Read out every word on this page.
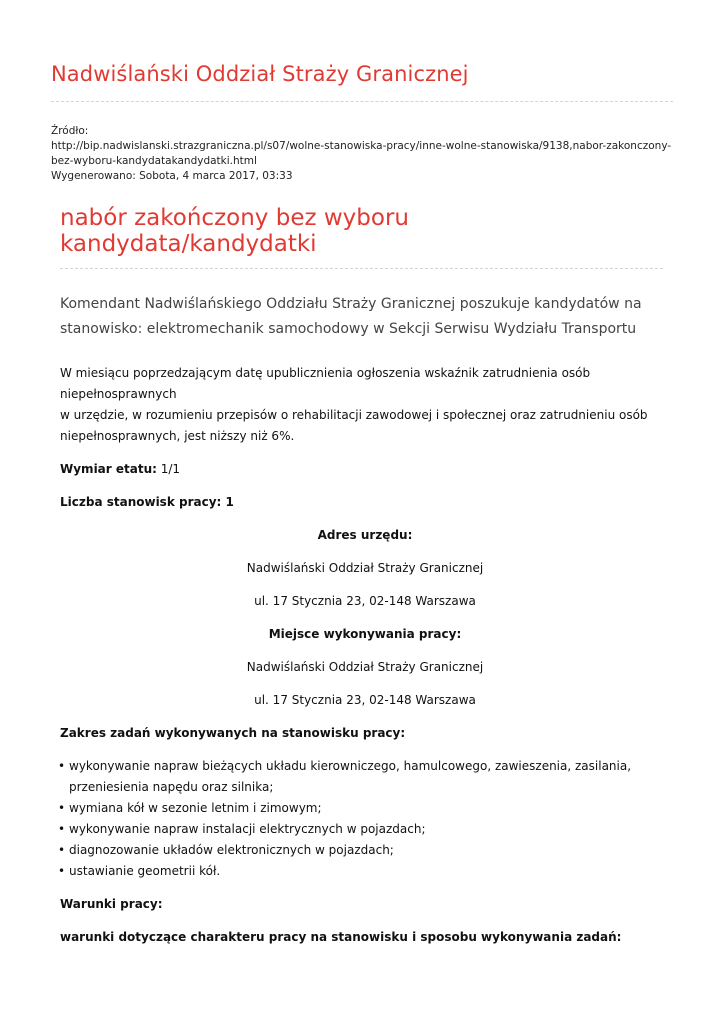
Nadwiślański Oddział Straży Granicznej
Źródło:
http://bip.nadwislanski.strazgraniczna.pl/s07/wolne-stanowiska-pracy/inne-wolne-stanowiska/9138,nabor-zakonczony-
bez-wyboru-kandydatakandydatki.html
Wygenerowano: Sobota, 4 marca 2017, 03:33
nabór zakończony bez wyboru
kandydata/kandydatki
Komendant Nadwiślańskiego Oddziału Straży Granicznej poszukuje kandydatów na stanowisko: elektromechanik samochodowy w Sekcji Serwisu Wydziału Transportu

W miesiącu poprzedzającym datę upublicznienia ogłoszenia wskaźnik zatrudnienia osób niepełnosprawnych

w urzędzie, w rozumieniu przepisów o rehabilitacji zawodowej i społecznej oraz zatrudnieniu osób niepełnosprawnych, jest niższy niż 6%.

Wymiar etatu: 1/1

Liczba stanowisk pracy: 1

Adres urzędu:

Nadwiślański Oddział Straży Granicznej

ul. 17 Stycznia 23, 02-148 Warszawa

Miejsce wykonywania pracy:

Nadwiślański Oddział Straży Granicznej

ul. 17 Stycznia 23, 02-148 Warszawa

Zakres zadań wykonywanych na stanowisku pracy:

• wykonywanie napraw bieżących układu kierowniczego, hamulcowego, zawieszenia, zasilania, przeniesienia napędu oraz silnika;
• wymiana kół w sezonie letnim i zimowym;
• wykonywanie napraw instalacji elektrycznych w pojazdach;
• diagnozowanie układów elektronicznych w pojazdach;
• ustawianie geometrii kół.

Warunki pracy:

warunki dotyczące charakteru pracy na stanowisku i sposobu wykonywania zadań:
